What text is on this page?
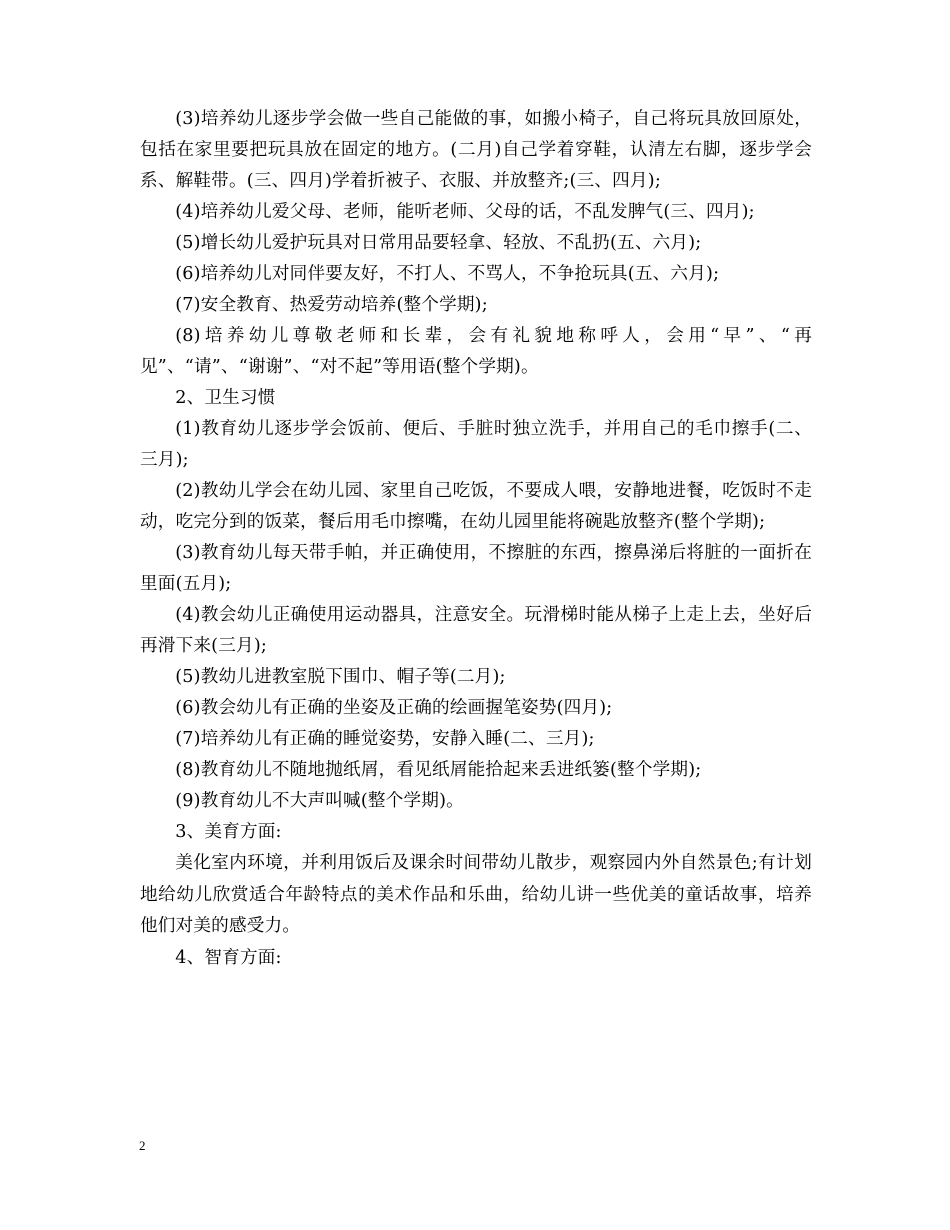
(3)培养幼儿逐步学会做一些自己能做的事，如搬小椅子，自己将玩具放回原处，包括在家里要把玩具放在固定的地方。(二月)自己学着穿鞋，认清左右脚，逐步学会系、解鞋带。(三、四月)学着折被子、衣服、并放整齐;(三、四月);

(4)培养幼儿爱父母、老师，能听老师、父母的话，不乱发脾气(三、四月);

(5)增长幼儿爱护玩具对日常用品要轻拿、轻放、不乱扔(五、六月);

(6)培养幼儿对同伴要友好，不打人、不骂人，不争抢玩具(五、六月);

(7)安全教育、热爱劳动培养(整个学期);

(8)培养幼儿尊敬老师和长辈，会有礼貌地称呼人，会用“早”、“再见”、“请”、“谢谢”、“对不起”等用语(整个学期)。

2、卫生习惯

(1)教育幼儿逐步学会饭前、便后、手脏时独立洗手，并用自己的毛巾擦手(二、三月);

(2)教幼儿学会在幼儿园、家里自己吃饭，不要成人喂，安静地进餐，吃饭时不走动，吃完分到的饭菜，餐后用毛巾擦嘴，在幼儿园里能将碗匙放整齐(整个学期);

(3)教育幼儿每天带手帕，并正确使用，不擦脏的东西，擦鼻涕后将脏的一面折在里面(五月);

(4)教会幼儿正确使用运动器具，注意安全。玩滑梯时能从梯子上走上去，坐好后再滑下来(三月);

(5)教幼儿进教室脱下围巾、帽子等(二月);

(6)教会幼儿有正确的坐姿及正确的绘画握笔姿势(四月);

(7)培养幼儿有正确的睡觉姿势，安静入睡(二、三月);

(8)教育幼儿不随地抛纸屑，看见纸屑能拾起来丢进纸篓(整个学期);

(9)教育幼儿不大声叫喊(整个学期)。

3、美育方面:

美化室内环境，并利用饭后及课余时间带幼儿散步，观察园内外自然景色;有计划地给幼儿欣赏适合年龄特点的美术作品和乐曲，给幼儿讲一些优美的童话故事，培养他们对美的感受力。

4、智育方面:

2
